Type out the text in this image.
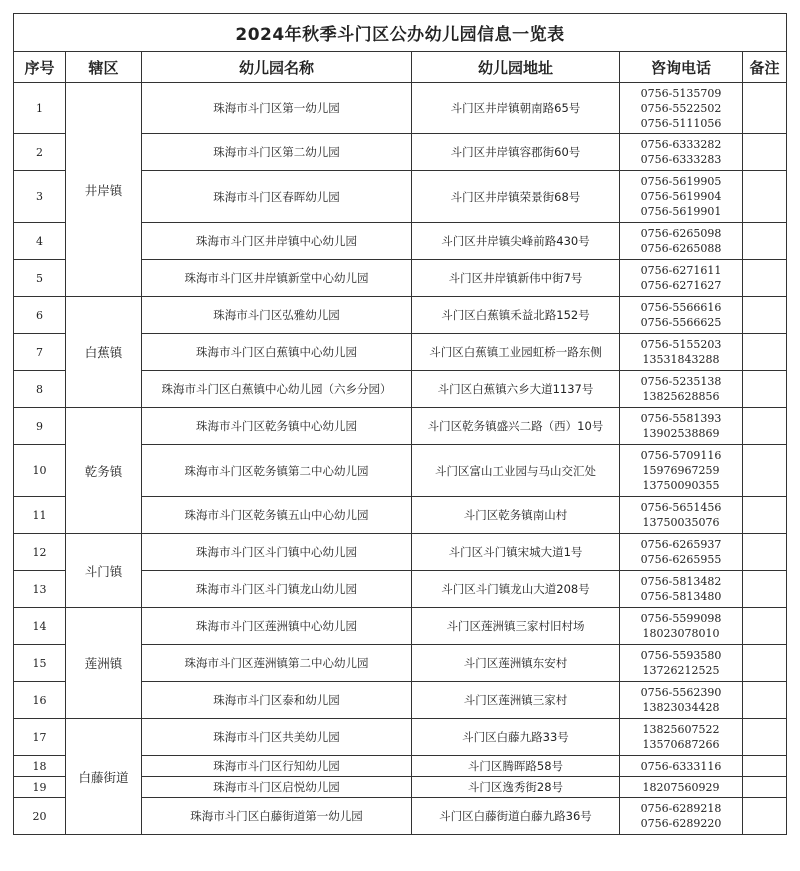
2024年秋季斗门区公办幼儿园信息一览表					
序号	辖区	幼儿园名称	幼儿园地址	咨询电话	备注
1	井岸镇	珠海市斗门区第一幼儿园	斗门区井岸镇朝南路65号	0756-5135709
0756-5522502
0756-5111056	

2		珠海市斗门区第二幼儿园	斗门区井岸镇容郡街60号	0756-6333282
0756-6333283	

3		珠海市斗门区春晖幼儿园	斗门区井岸镇荣景街68号	0756-5619905
0756-5619904
0756-5619901	

4		珠海市斗门区井岸镇中心幼儿园	斗门区井岸镇尖峰前路430号	0756-6265098
0756-6265088	

5		珠海市斗门区井岸镇新堂中心幼儿园	斗门区井岸镇新伟中街7号	0756-6271611
0756-6271627	

6	白蕉镇	珠海市斗门区弘雅幼儿园	斗门区白蕉镇禾益北路152号	0756-5566616
0756-5566625	

7		珠海市斗门区白蕉镇中心幼儿园	斗门区白蕉镇工业园虹桥一路东侧	0756-5155203
13531843288	

8		珠海市斗门区白蕉镇中心幼儿园（六乡分园）	斗门区白蕉镇六乡大道1137号	0756-5235138
13825628856	

9	乾务镇	珠海市斗门区乾务镇中心幼儿园	斗门区乾务镇盛兴二路（西）10号	0756-5581393
13902538869	

10		珠海市斗门区乾务镇第二中心幼儿园	斗门区富山工业园与马山交汇处	0756-5709116
15976967259
13750090355	

11		珠海市斗门区乾务镇五山中心幼儿园	斗门区乾务镇南山村	0756-5651456
13750035076	

12	斗门镇	珠海市斗门区斗门镇中心幼儿园	斗门区斗门镇宋城大道1号	0756-6265937
0756-6265955	

13		珠海市斗门区斗门镇龙山幼儿园	斗门区斗门镇龙山大道208号	0756-5813482
0756-5813480	

14	莲洲镇	珠海市斗门区莲洲镇中心幼儿园	斗门区莲洲镇三家村旧村场	0756-5599098
18023078010	

15		珠海市斗门区莲洲镇第二中心幼儿园	斗门区莲洲镇东安村	0756-5593580
13726212525	

16		珠海市斗门区泰和幼儿园	斗门区莲洲镇三家村	0756-5562390
13823034428	

17	白藤街道	珠海市斗门区共美幼儿园	斗门区白藤九路33号	13825607522
13570687266	

18		珠海市斗门区行知幼儿园	斗门区腾晖路58号	0756-6333116	

19		珠海市斗门区启悦幼儿园	斗门区逸秀街28号	18207560929	

20		珠海市斗门区白藤街道第一幼儿园	斗门区白藤街道白藤九路36号	0756-6289218
0756-6289220	
